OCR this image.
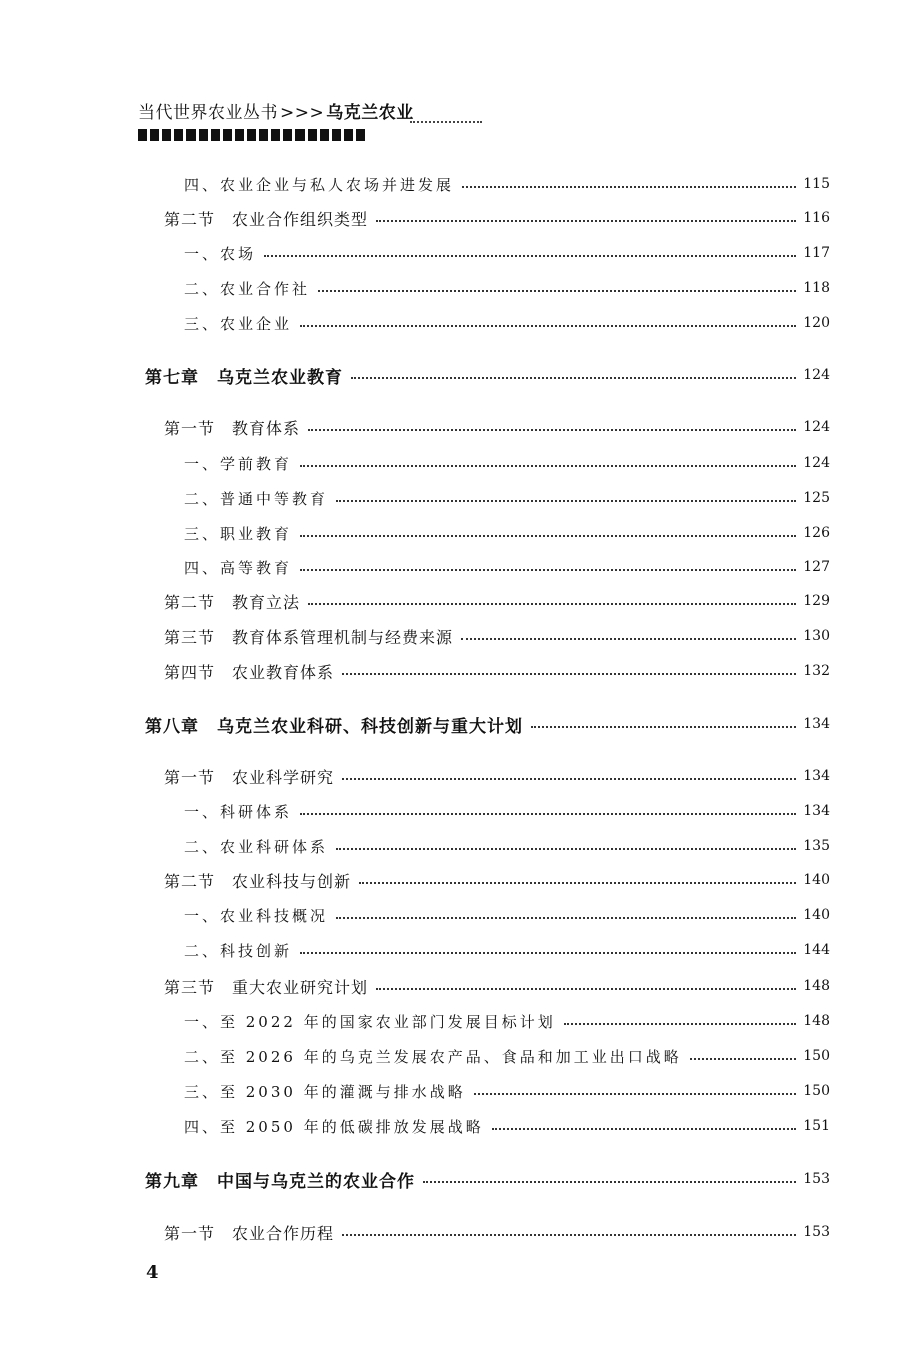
当代世界农业丛书 >>> 乌克兰农业
四、农业企业与私人农场并进发展	115
第二节　农业合作组织类型	116
一、农场	117
二、农业合作社	118
三、农业企业	120
第七章　乌克兰农业教育	124
第一节　教育体系	124
一、学前教育	124
二、普通中等教育	125
三、职业教育	126
四、高等教育	127
第二节　教育立法	129
第三节　教育体系管理机制与经费来源	130
第四节　农业教育体系	132
第八章　乌克兰农业科研、科技创新与重大计划	134
第一节　农业科学研究	134
一、科研体系	134
二、农业科研体系	135
第二节　农业科技与创新	140
一、农业科技概况	140
二、科技创新	144
第三节　重大农业研究计划	148
一、至 2022 年的国家农业部门发展目标计划	148
二、至 2026 年的乌克兰发展农产品、食品和加工业出口战略	150
三、至 2030 年的灌溉与排水战略	150
四、至 2050 年的低碳排放发展战略	151
第九章　中国与乌克兰的农业合作	153
第一节　农业合作历程	153
4
